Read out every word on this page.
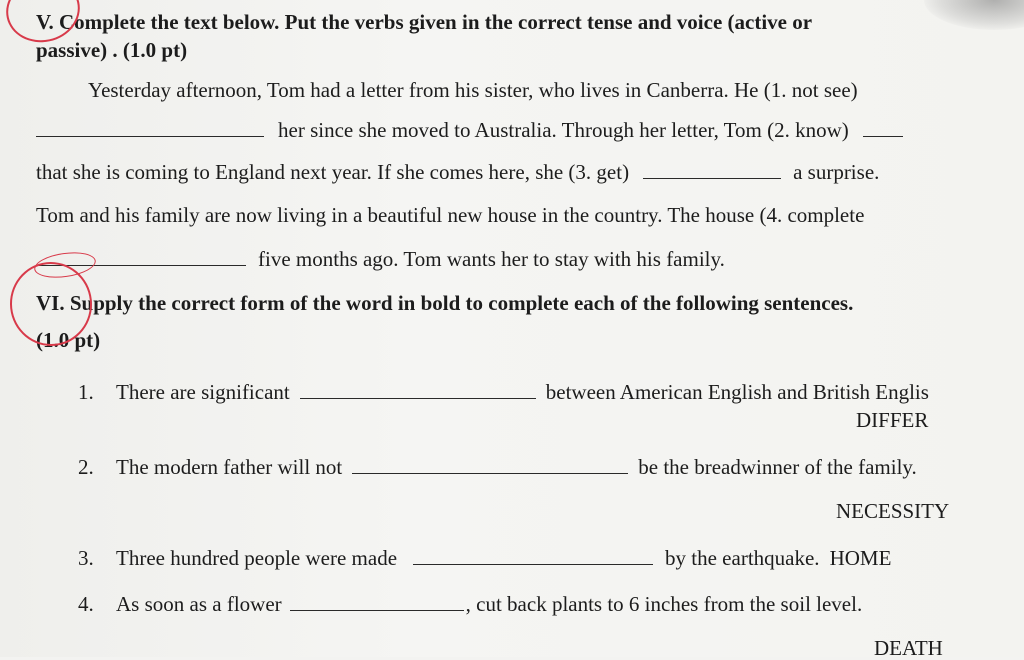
V. Complete the text below. Put the verbs given in the correct tense and voice (active or
passive) . (1.0 pt)
Yesterday afternoon, Tom had a letter from his sister, who lives in Canberra. He (1. not see)
her since she moved to Australia. Through her letter, Tom (2. know)
that she is coming to England next year. If she comes here, she (3. get)	a surprise.
Tom and his family are now living in a beautiful new house in the country. The house (4. complete
five months ago. Tom wants her to stay with his family.
VI. Supply the correct form of the word in bold to complete each of the following sentences.
(1.0 pt)
1. There are significant	between American English and British Englis
DIFFER
2. The modern father will not	be the breadwinner of the family.
NECESSITY
3. Three hundred people were made	by the earthquake. HOME
4. As soon as a flower	, cut back plants to 6 inches from the soil level.
DEATH
